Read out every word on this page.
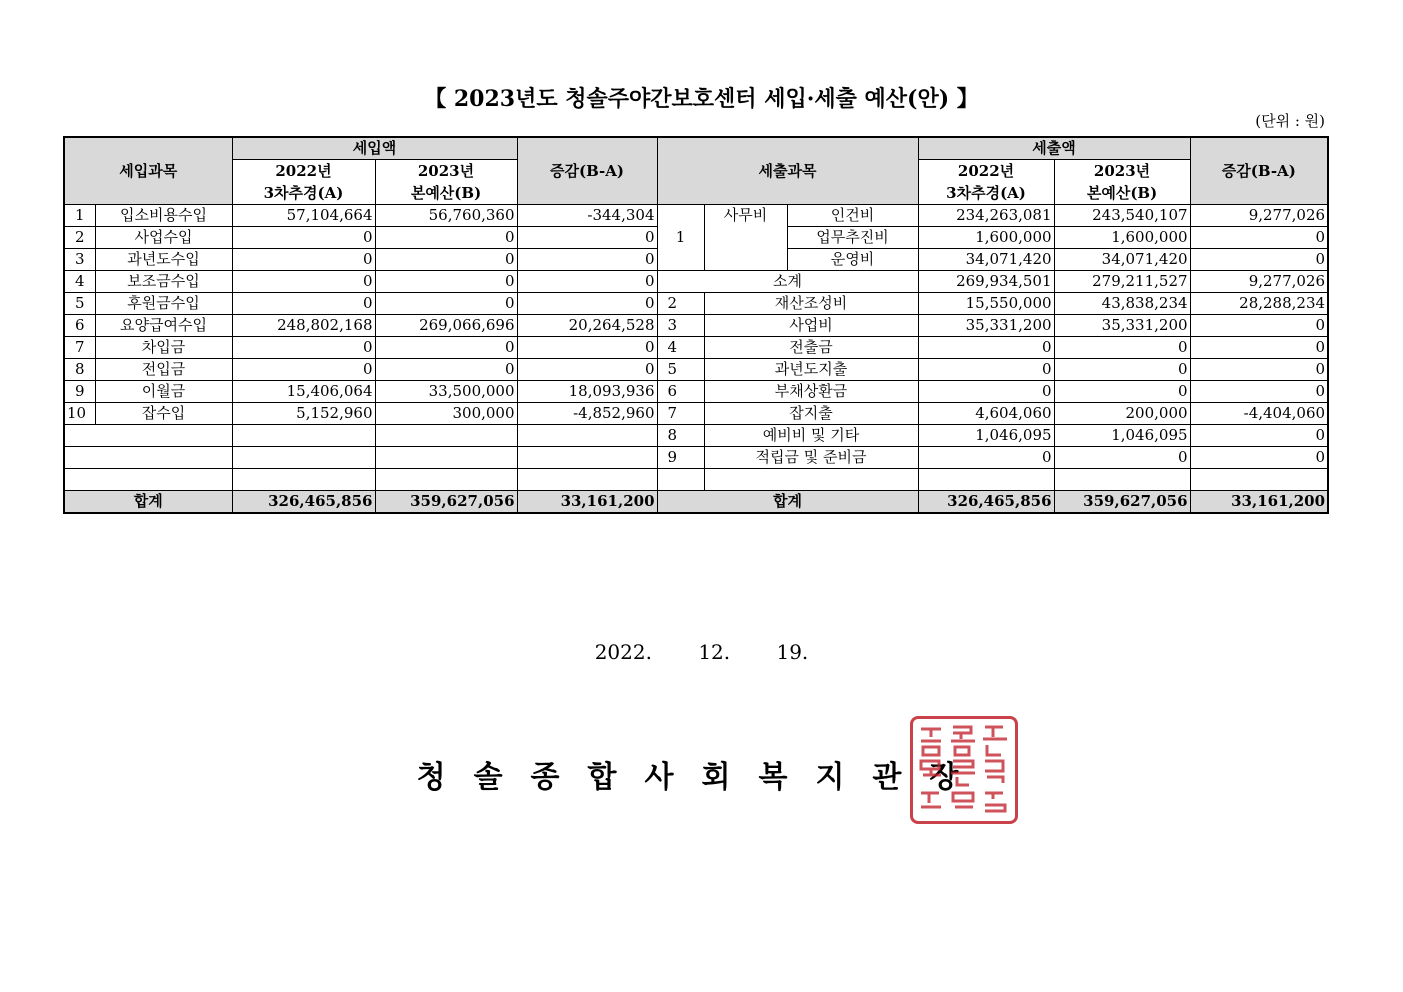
【 2023년도 청솔주야간보호센터 세입·세출 예산(안) 】
(단위 : 원)
세입과목		세입액		증감(B-A)	세출과목			세출액		증감(B-A)
		2022년	2023년					2022년	2023년	
		3차추경(A)	본예산(B)					3차추경(A)	본예산(B)	
1	입소비용수입	57,104,664	56,760,360	-344,304	1	사무비	인건비	234,263,081	243,540,107	9,277,026
2	사업수입	0	0	0			업무추진비	1,600,000	1,600,000	0
3	과년도수입	0	0	0			운영비	34,071,420	34,071,420	0
4	보조금수입	0	0	0	소계			269,934,501	279,211,527	9,277,026
5	후원금수입	0	0	0	2	재산조성비		15,550,000	43,838,234	28,288,234
6	요양급여수입	248,802,168	269,066,696	20,264,528	3	사업비		35,331,200	35,331,200	0
7	차입금	0	0	0	4	전출금		0	0	0
8	전입금	0	0	0	5	과년도지출		0	0	0
9	이월금	15,406,064	33,500,000	18,093,936	6	부채상환금		0	0	0
10	잡수입	5,152,960	300,000	-4,852,960	7	잡지출		4,604,060	200,000	-4,404,060
					8	예비비 및 기타		1,046,095	1,046,095	0
					9	적립금 및 준비금		0	0	0

합계		326,465,856	359,627,056	33,161,200	합계			326,465,856	359,627,056	33,161,200
2022. 12. 19.
청솔종합사회복지관장
